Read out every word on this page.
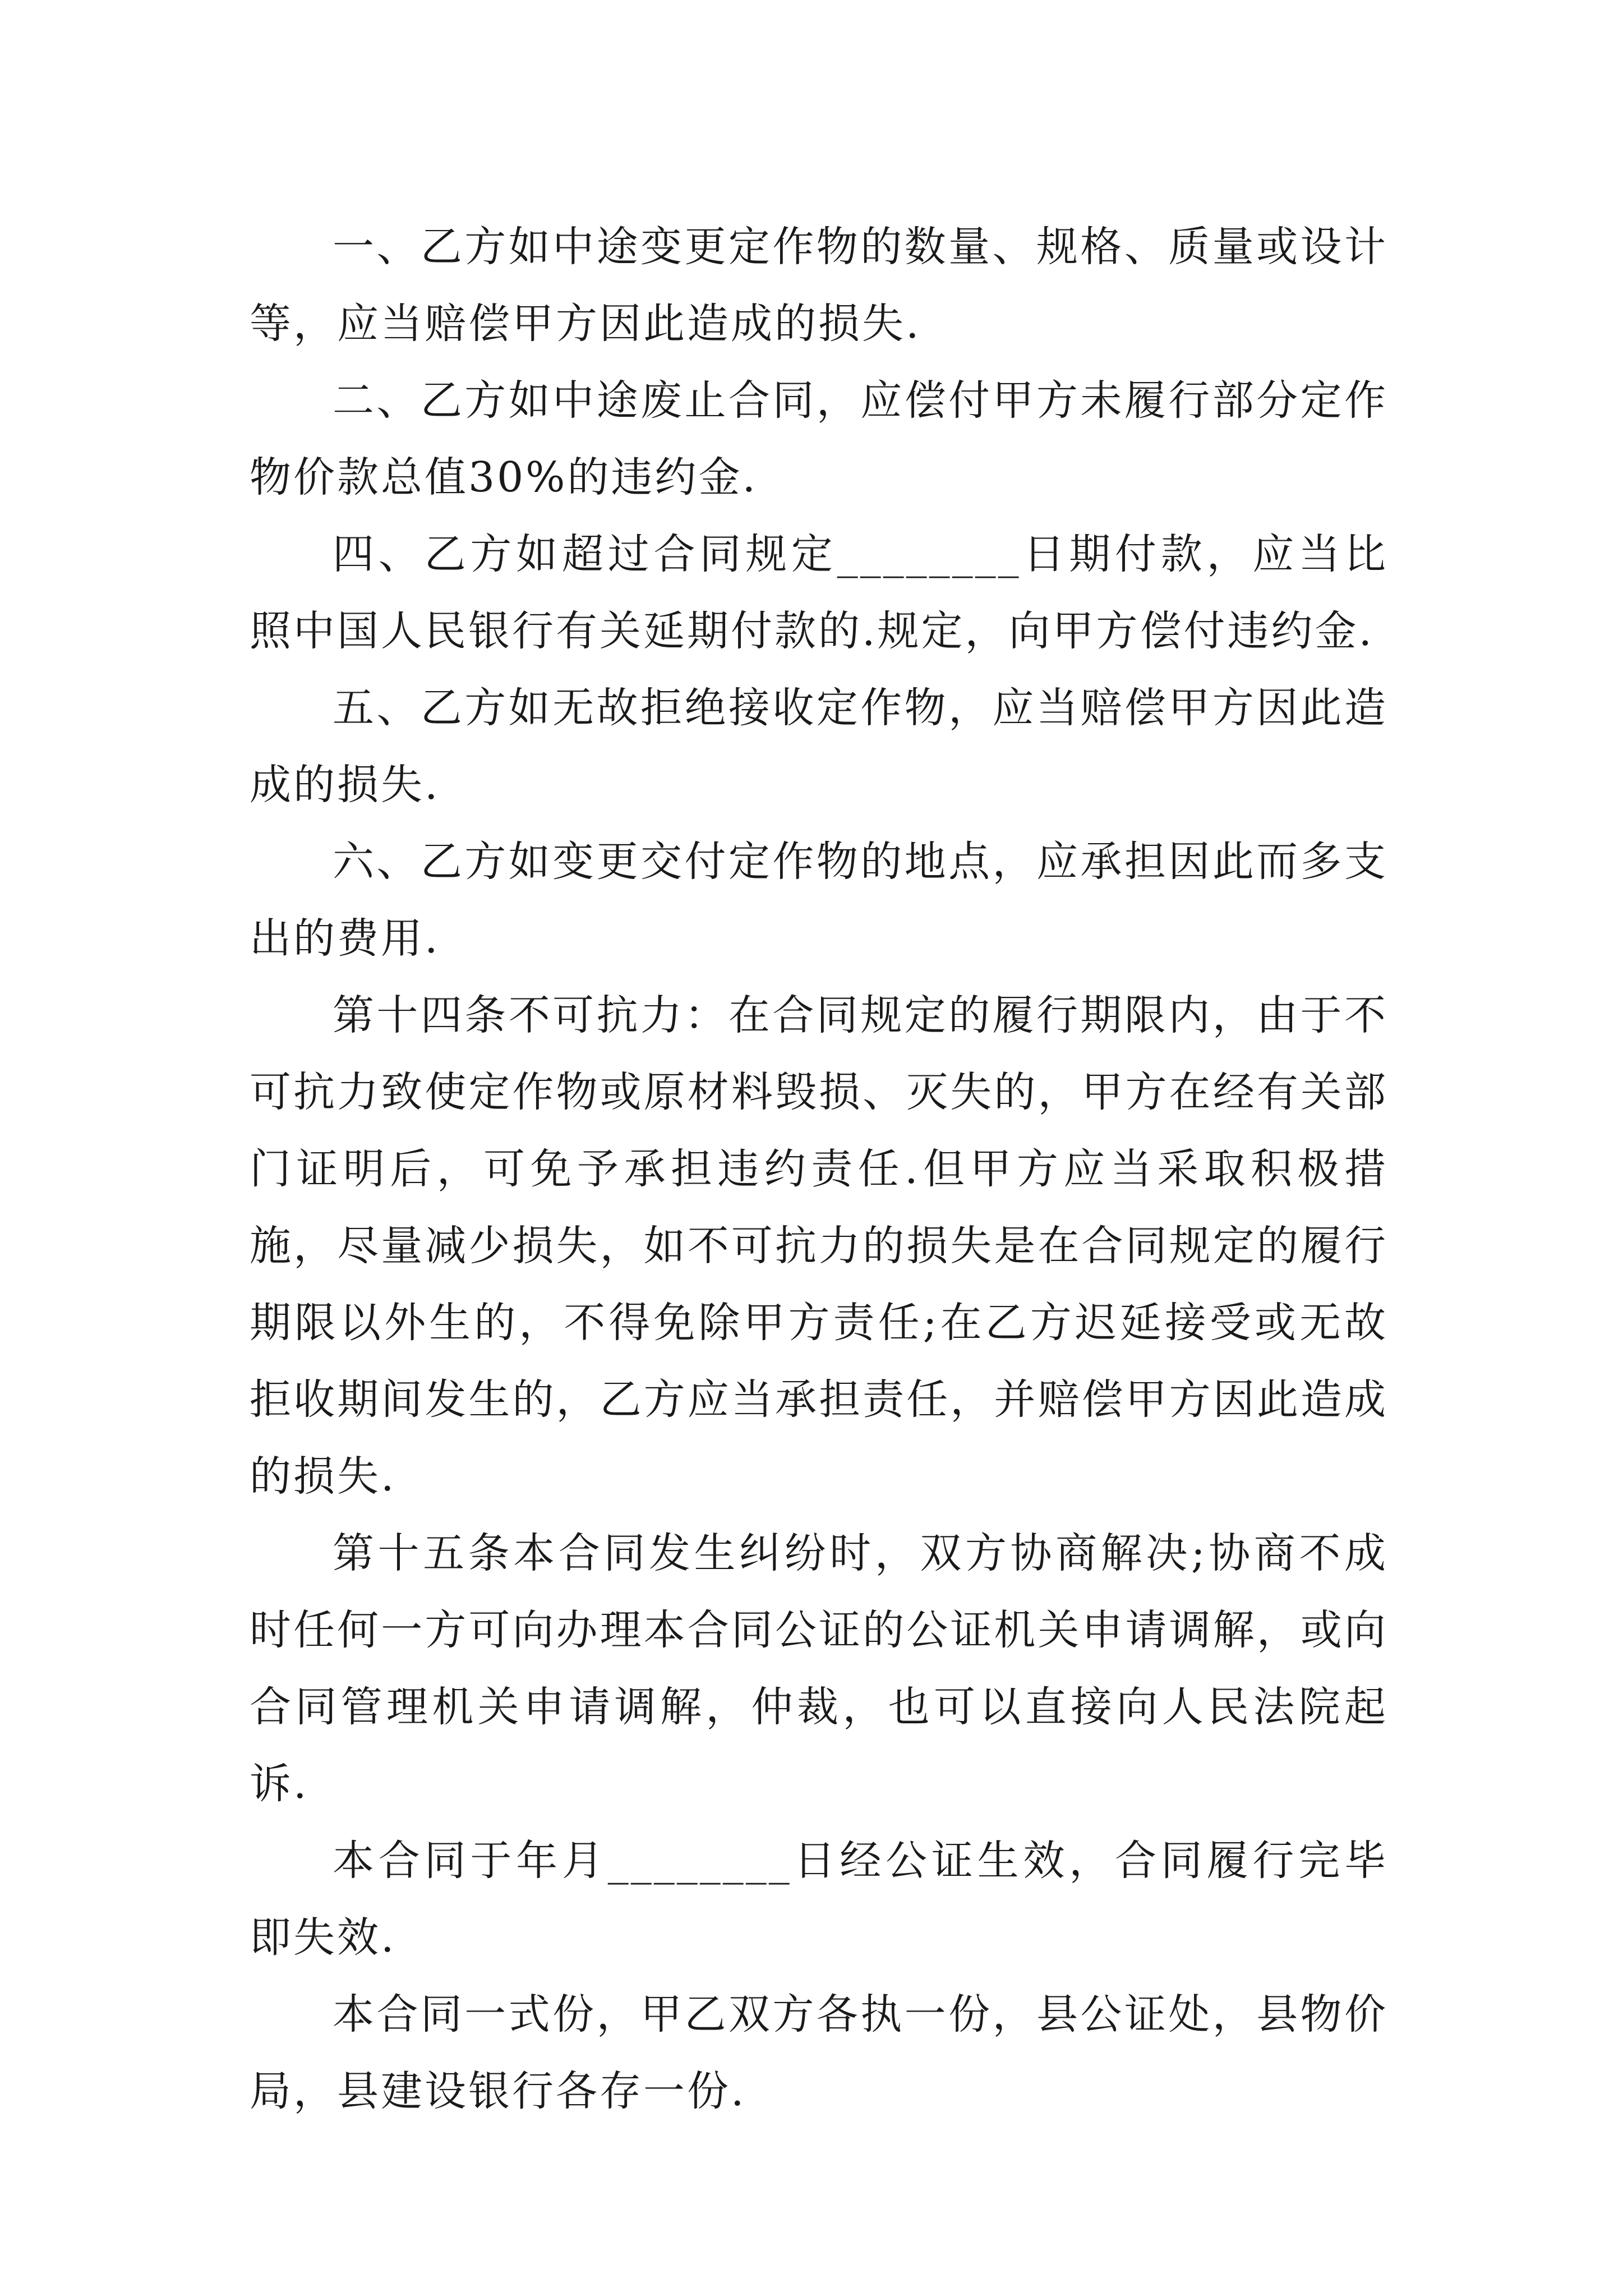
一、乙方如中途变更定作物的数量、规格、质量或设计等，应当赔偿甲方因此造成的损失.

二、乙方如中途废止合同，应偿付甲方未履行部分定作物价款总值30%的违约金.

四、乙方如超过合同规定________日期付款，应当比照中国人民银行有关延期付款的.规定，向甲方偿付违约金.

五、乙方如无故拒绝接收定作物，应当赔偿甲方因此造成的损失.

六、乙方如变更交付定作物的地点，应承担因此而多支出的费用.

第十四条不可抗力：在合同规定的履行期限内，由于不可抗力致使定作物或原材料毁损、灭失的，甲方在经有关部门证明后，可免予承担违约责任.但甲方应当采取积极措施，尽量减少损失，如不可抗力的损失是在合同规定的履行期限以外生的，不得免除甲方责任;在乙方迟延接受或无故拒收期间发生的，乙方应当承担责任，并赔偿甲方因此造成的损失.

第十五条本合同发生纠纷时，双方协商解决;协商不成时任何一方可向办理本合同公证的公证机关申请调解，或向合同管理机关申请调解，仲裁，也可以直接向人民法院起诉.

本合同于年月________日经公证生效，合同履行完毕即失效.

本合同一式份，甲乙双方各执一份，县公证处，县物价局，县建设银行各存一份.
